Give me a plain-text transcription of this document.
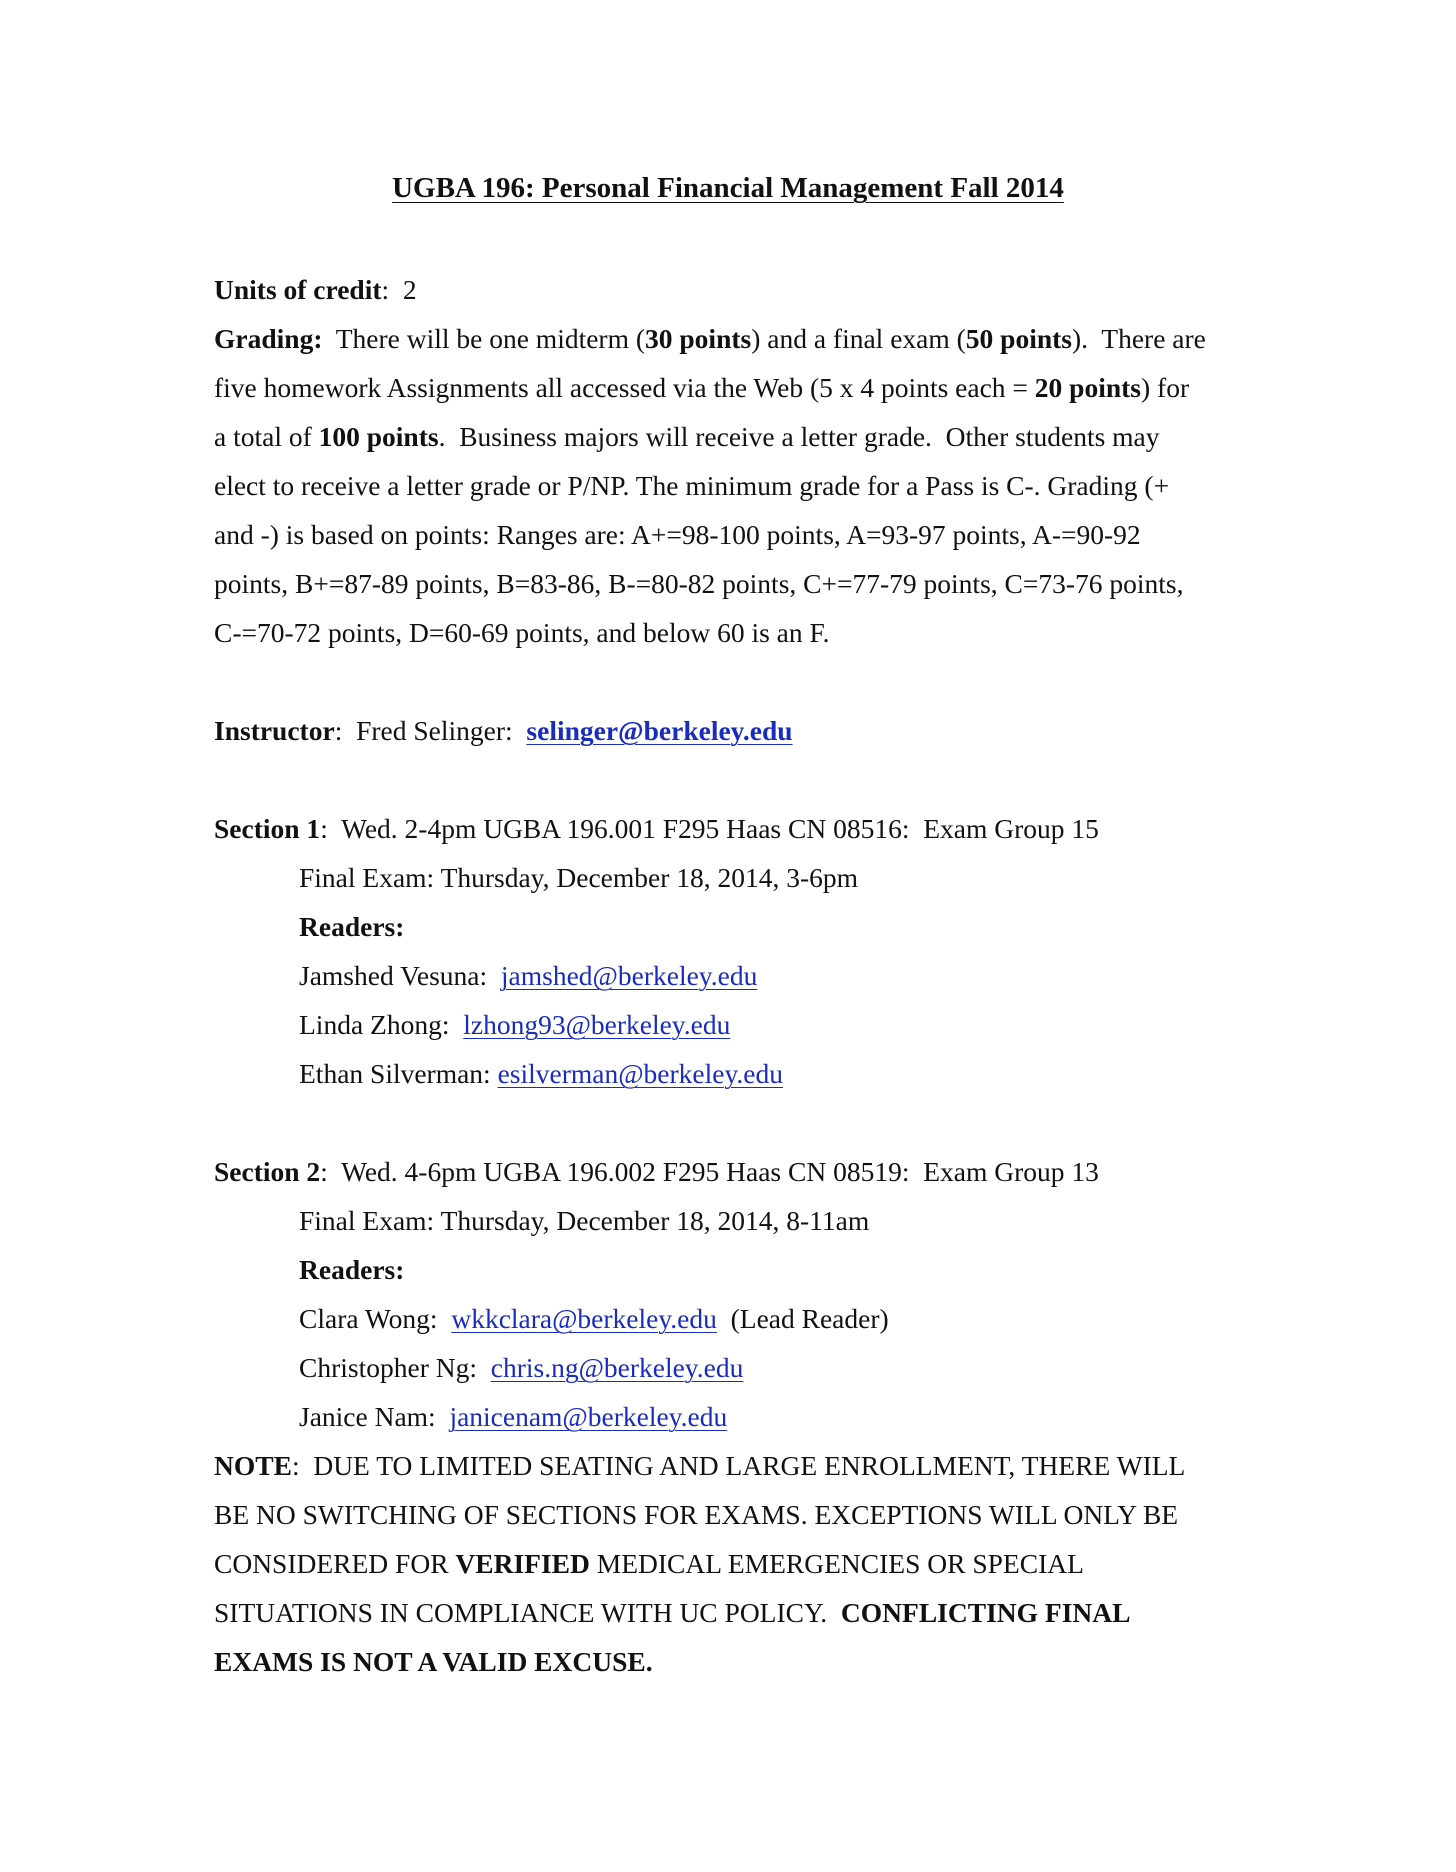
UGBA 196: Personal Financial Management Fall 2014
Units of credit:  2
Grading:  There will be one midterm (30 points) and a final exam (50 points).  There are
five homework Assignments all accessed via the Web (5 x 4 points each = 20 points) for
a total of 100 points.  Business majors will receive a letter grade.  Other students may
elect to receive a letter grade or P/NP. The minimum grade for a Pass is C-. Grading (+
and -) is based on points: Ranges are: A+=98-100 points, A=93-97 points, A-=90-92
points, B+=87-89 points, B=83-86, B-=80-82 points, C+=77-79 points, C=73-76 points,
C-=70-72 points, D=60-69 points, and below 60 is an F.
Instructor:  Fred Selinger:  selinger@berkeley.edu
Section 1:  Wed. 2-4pm UGBA 196.001 F295 Haas CN 08516:  Exam Group 15
Final Exam: Thursday, December 18, 2014, 3-6pm
Readers:
Jamshed Vesuna:  jamshed@berkeley.edu
Linda Zhong:  lzhong93@berkeley.edu
Ethan Silverman: esilverman@berkeley.edu
Section 2:  Wed. 4-6pm UGBA 196.002 F295 Haas CN 08519:  Exam Group 13
Final Exam: Thursday, December 18, 2014, 8-11am
Readers:
Clara Wong:  wkkclara@berkeley.edu  (Lead Reader)
Christopher Ng:  chris.ng@berkeley.edu
Janice Nam:  janicenam@berkeley.edu
NOTE:  DUE TO LIMITED SEATING AND LARGE ENROLLMENT, THERE WILL
BE NO SWITCHING OF SECTIONS FOR EXAMS. EXCEPTIONS WILL ONLY BE
CONSIDERED FOR VERIFIED MEDICAL EMERGENCIES OR SPECIAL
SITUATIONS IN COMPLIANCE WITH UC POLICY.  CONFLICTING FINAL
EXAMS IS NOT A VALID EXCUSE.
